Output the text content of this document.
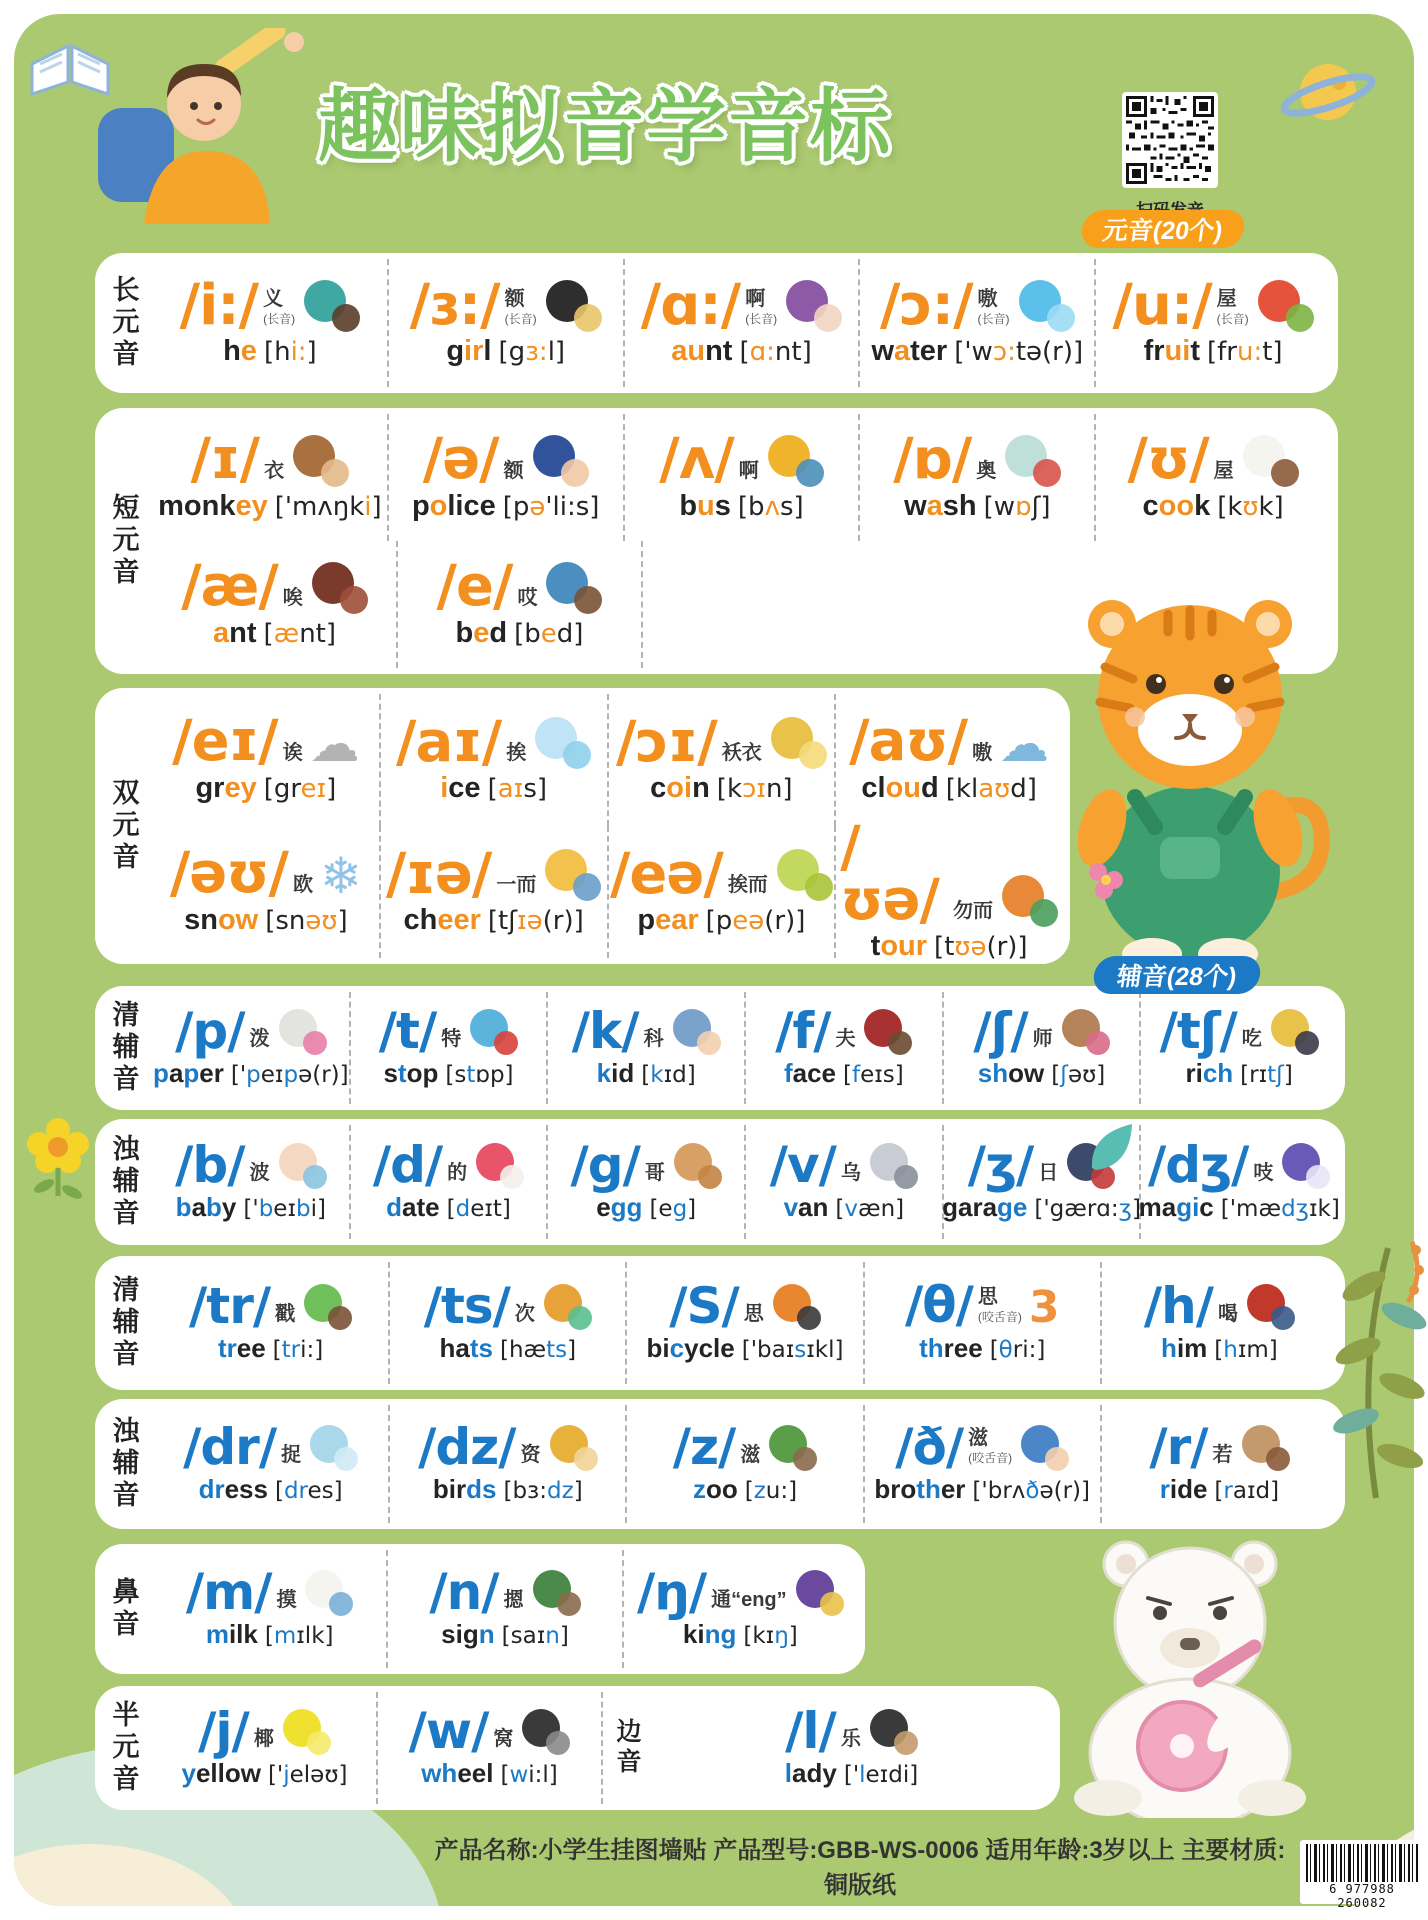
趣味拟音学音标
元音(20个)
辅音(28个)
产品名称:小学生挂图墙贴 产品型号:GBB-WS-0006 适用年龄:3岁以上 主要材质:铜版纸	6 977988 260082
长元音 /i:/ 义
(长音)
he [hi:]
/ɜ:/ 额
(长音)
girl [gɜ:l]
/ɑ:/ 啊
(长音)
aunt [ɑ:nt]
/ɔ:/ 嗷
(长音)
water ['wɔ:tə(r)]
/u:/ 屋
(长音)
fruit [fru:t]
短元音
/ɪ/ 衣
monkey ['mʌŋki]
/ə/ 额
police [pə'li:s]
/ʌ/ 啊
bus [bʌs]
/ɒ/ 奥
wash [wɒʃ]
/ʊ/ 屋
cook [kʊk]
/æ/ 唉
ant [ænt]
/e/ 哎
bed [bed]
双元音
/eɪ/ 诶 ☁
grey [greɪ]
/aɪ/ 挨
ice [aɪs]
/ɔɪ/ 袄衣
coin [kɔɪn]
/aʊ/ 嗷 ☁
cloud [klaʊd]
/əʊ/ 欧 ❄
snow [snəʊ]
/ɪə/ 一而
cheer [tʃɪə(r)]
/eə/ 挨而
pear [peə(r)]
/ʊə/ 勿而
tour [tʊə(r)]
清辅音 /p/ 泼
paper ['peɪpə(r)]
/t/ 特
stop [stɒp]
/k/ 科
kid [kɪd]
/f/ 夫
face [feɪs]
/ʃ/ 师
show [ʃəʊ]
/tʃ/ 吃
rich [rɪtʃ]
浊辅音 /b/ 波
baby ['beɪbi]
/d/ 的
date [deɪt]
/g/ 哥
egg [eg]
/v/ 乌
van [væn]
/ʒ/ 日
garage ['gærɑ:ʒ]
/dʒ/ 吱
magic ['mædʒɪk]
清辅音 /tr/ 戳
tree [tri:]
/ts/ 次
hats [hæts]
/S/ 思
bicycle ['baɪsɪkl]
/θ/ 思
(咬舌音) 3
three [θri:]
/h/ 喝
him [hɪm]
浊辅音 /dr/ 捉
dress [dres]
/dz/ 资
birds [bɜ:dz]
/z/ 滋
zoo [zu:]
/ð/ 滋
(咬舌音)
brother ['brʌðə(r)]
/r/ 若
ride [raɪd]
鼻音 /m/ 摸
milk [mɪlk]
/n/ 摁
sign [saɪn]
/ŋ/ 通“eng”
king [kɪŋ]
半元音 /j/ 椰
yellow ['jeləʊ]
/w/ 窝
wheel [wi:l]	边音	/l/ 乐
lady ['leɪdi]
